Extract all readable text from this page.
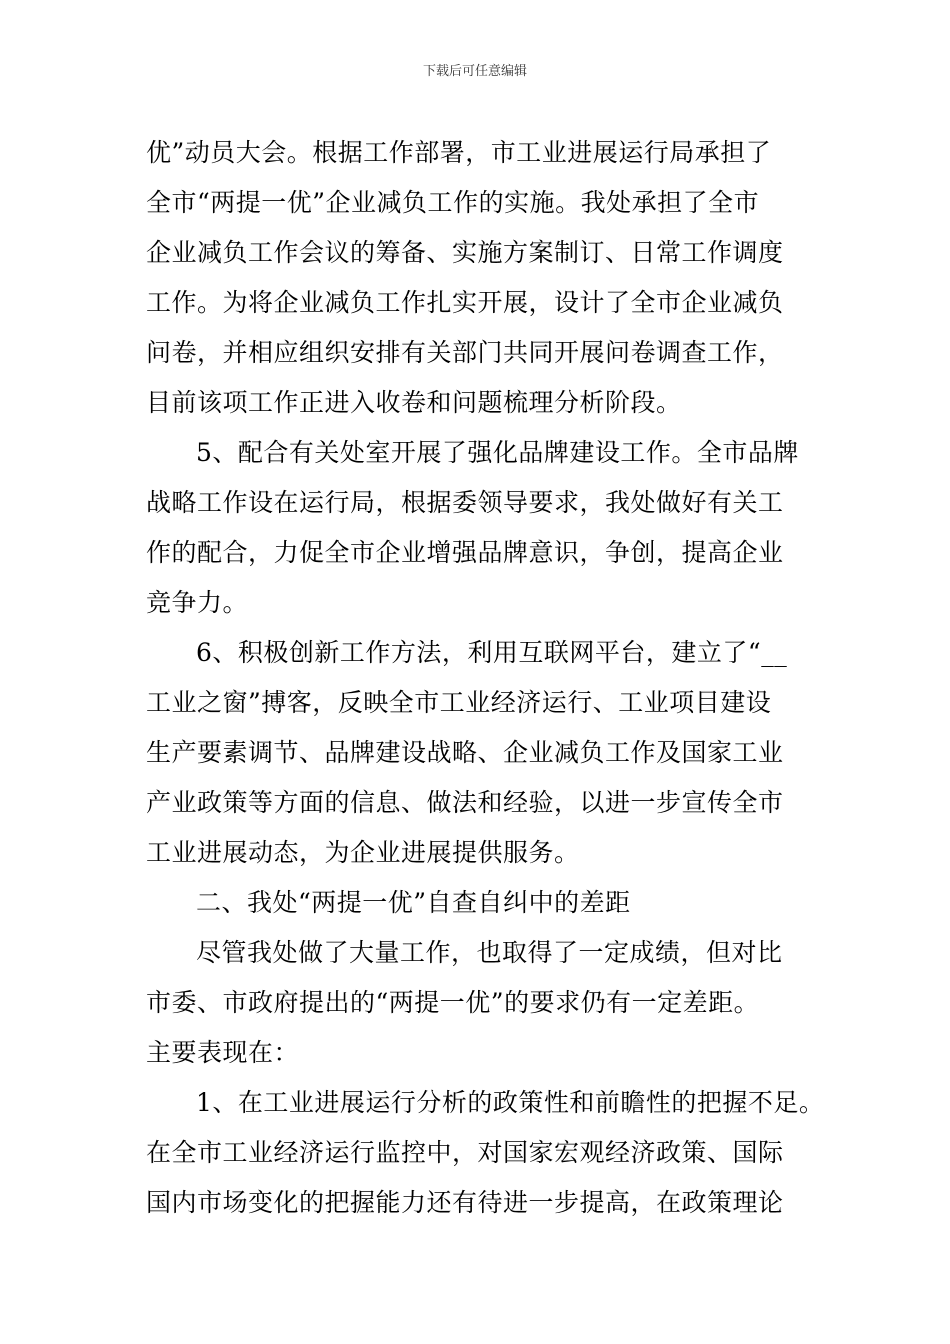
下载后可任意编辑
优”动员大会。根据工作部署，市工业进展运行局承担了
全市“两提一优”企业减负工作的实施。我处承担了全市
企业减负工作会议的筹备、实施方案制订、日常工作调度
工作。为将企业减负工作扎实开展，设计了全市企业减负
问卷，并相应组织安排有关部门共同开展问卷调查工作，
目前该项工作正进入收卷和问题梳理分析阶段。
5、配合有关处室开展了强化品牌建设工作。全市品牌
战略工作设在运行局，根据委领导要求，我处做好有关工
作的配合，力促全市企业增强品牌意识，争创，提高企业
竞争力。
6、积极创新工作方法，利用互联网平台，建立了“__
工业之窗”搏客，反映全市工业经济运行、工业项目建设
生产要素调节、品牌建设战略、企业减负工作及国家工业
产业政策等方面的信息、做法和经验，以进一步宣传全市
工业进展动态，为企业进展提供服务。
二、我处“两提一优”自查自纠中的差距
尽管我处做了大量工作，也取得了一定成绩，但对比
市委、市政府提出的“两提一优”的要求仍有一定差距。
主要表现在：
1、在工业进展运行分析的政策性和前瞻性的把握不足。
在全市工业经济运行监控中，对国家宏观经济政策、国际
国内市场变化的把握能力还有待进一步提高，在政策理论
